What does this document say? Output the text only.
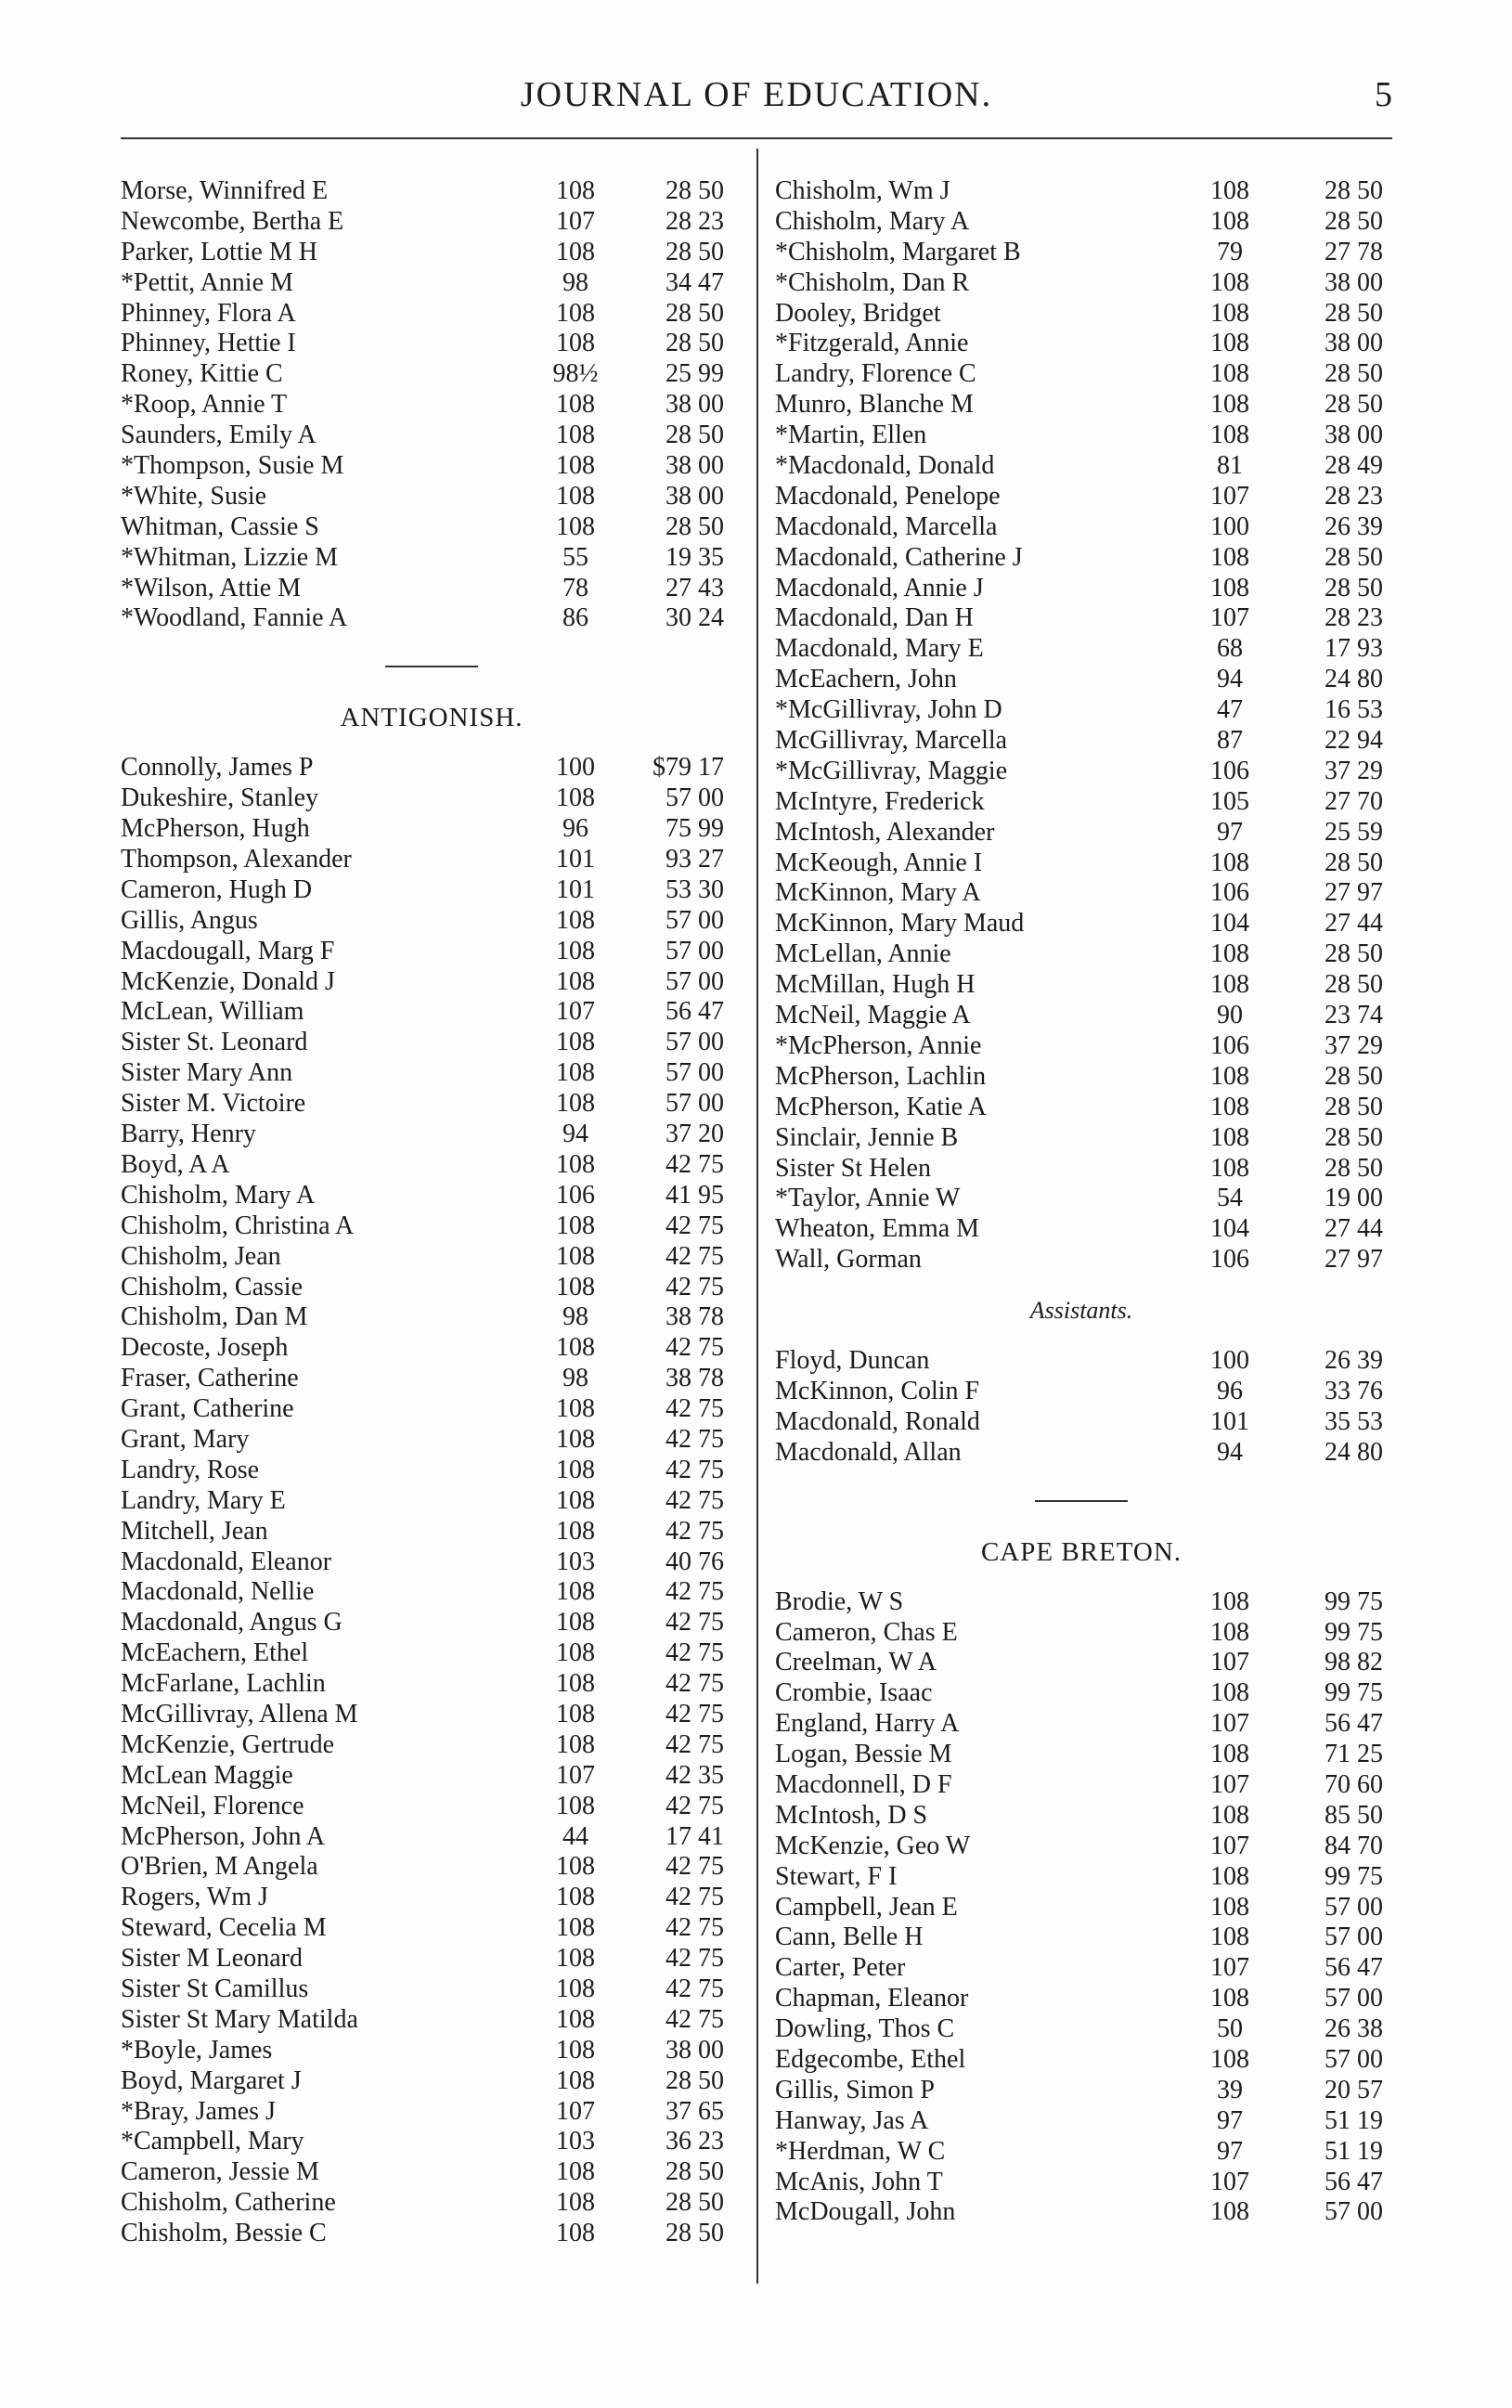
JOURNAL OF EDUCATION.	5
Morse, Winnifred E	108	28 50
Newcombe, Bertha E	107	28 23
Parker, Lottie M H	108	28 50
*Pettit, Annie M	98	34 47
Phinney, Flora A	108	28 50
Phinney, Hettie I	108	28 50
Roney, Kittie C	98½	25 99
*Roop, Annie T	108	38 00
Saunders, Emily A	108	28 50
*Thompson, Susie M	108	38 00
*White, Susie	108	38 00
Whitman, Cassie S	108	28 50
*Whitman, Lizzie M	55	19 35
*Wilson, Attie M	78	27 43
*Woodland, Fannie A	86	30 24
ANTIGONISH.
Connolly, James P	100	$79 17
Dukeshire, Stanley	108	57 00
McPherson, Hugh	96	75 99
Thompson, Alexander	101	93 27
Cameron, Hugh D	101	53 30
Gillis, Angus	108	57 00
Macdougall, Marg F	108	57 00
McKenzie, Donald J	108	57 00
McLean, William	107	56 47
Sister St. Leonard	108	57 00
Sister Mary Ann	108	57 00
Sister M. Victoire	108	57 00
Barry, Henry	94	37 20
Boyd, A A	108	42 75
Chisholm, Mary A	106	41 95
Chisholm, Christina A	108	42 75
Chisholm, Jean	108	42 75
Chisholm, Cassie	108	42 75
Chisholm, Dan M	98	38 78
Decoste, Joseph	108	42 75
Fraser, Catherine	98	38 78
Grant, Catherine	108	42 75
Grant, Mary	108	42 75
Landry, Rose	108	42 75
Landry, Mary E	108	42 75
Mitchell, Jean	108	42 75
Macdonald, Eleanor	103	40 76
Macdonald, Nellie	108	42 75
Macdonald, Angus G	108	42 75
McEachern, Ethel	108	42 75
McFarlane, Lachlin	108	42 75
McGillivray, Allena M	108	42 75
McKenzie, Gertrude	108	42 75
McLean Maggie	107	42 35
McNeil, Florence	108	42 75
McPherson, John A	44	17 41
O'Brien, M Angela	108	42 75
Rogers, Wm J	108	42 75
Steward, Cecelia M	108	42 75
Sister M Leonard	108	42 75
Sister St Camillus	108	42 75
Sister St Mary Matilda	108	42 75
*Boyle, James	108	38 00
Boyd, Margaret J	108	28 50
*Bray, James J	107	37 65
*Campbell, Mary	103	36 23
Cameron, Jessie M	108	28 50
Chisholm, Catherine	108	28 50
Chisholm, Bessie C	108	28 50
Chisholm, Wm J	108	28 50
Chisholm, Mary A	108	28 50
*Chisholm, Margaret B	79	27 78
*Chisholm, Dan R	108	38 00
Dooley, Bridget	108	28 50
*Fitzgerald, Annie	108	38 00
Landry, Florence C	108	28 50
Munro, Blanche M	108	28 50
*Martin, Ellen	108	38 00
*Macdonald, Donald	81	28 49
Macdonald, Penelope	107	28 23
Macdonald, Marcella	100	26 39
Macdonald, Catherine J	108	28 50
Macdonald, Annie J	108	28 50
Macdonald, Dan H	107	28 23
Macdonald, Mary E	68	17 93
McEachern, John	94	24 80
*McGillivray, John D	47	16 53
McGillivray, Marcella	87	22 94
*McGillivray, Maggie	106	37 29
McIntyre, Frederick	105	27 70
McIntosh, Alexander	97	25 59
McKeough, Annie I	108	28 50
McKinnon, Mary A	106	27 97
McKinnon, Mary Maud	104	27 44
McLellan, Annie	108	28 50
McMillan, Hugh H	108	28 50
McNeil, Maggie A	90	23 74
*McPherson, Annie	106	37 29
McPherson, Lachlin	108	28 50
McPherson, Katie A	108	28 50
Sinclair, Jennie B	108	28 50
Sister St Helen	108	28 50
*Taylor, Annie W	54	19 00
Wheaton, Emma M	104	27 44
Wall, Gorman	106	27 97
Assistants.
Floyd, Duncan	100	26 39
McKinnon, Colin F	96	33 76
Macdonald, Ronald	101	35 53
Macdonald, Allan	94	24 80
CAPE BRETON.
Brodie, W S	108	99 75
Cameron, Chas E	108	99 75
Creelman, W A	107	98 82
Crombie, Isaac	108	99 75
England, Harry A	107	56 47
Logan, Bessie M	108	71 25
Macdonnell, D F	107	70 60
McIntosh, D S	108	85 50
McKenzie, Geo W	107	84 70
Stewart, F I	108	99 75
Campbell, Jean E	108	57 00
Cann, Belle H	108	57 00
Carter, Peter	107	56 47
Chapman, Eleanor	108	57 00
Dowling, Thos C	50	26 38
Edgecombe, Ethel	108	57 00
Gillis, Simon P	39	20 57
Hanway, Jas A	97	51 19
*Herdman, W C	97	51 19
McAnis, John T	107	56 47
McDougall, John	108	57 00
